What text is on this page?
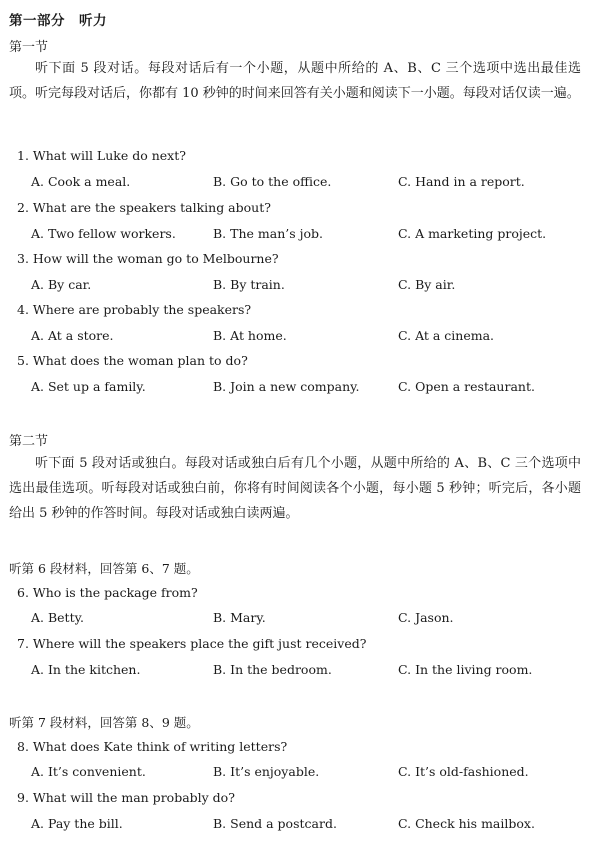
第一部分　听力
第一节

听下面 5 段对话。每段对话后有一个小题，从题中所给的 A、B、C 三个选项中选出最佳选项。听完每段对话后，你都有 10 秒钟的时间来回答有关小题和阅读下一小题。每段对话仅读一遍。

1. What will Luke do next?
A. Cook a meal.	B. Go to the office.	C. Hand in a report.
2. What are the speakers talking about?
A. Two fellow workers.	B. The man’s job.	C. A marketing project.
3. How will the woman go to Melbourne?
A. By car.	B. By train.	C. By air.
4. Where are probably the speakers?
A. At a store.	B. At home.	C. At a cinema.
5. What does the woman plan to do?
A. Set up a family.	B. Join a new company.	C. Open a restaurant.
第二节

听下面 5 段对话或独白。每段对话或独白后有几个小题，从题中所给的 A、B、C 三个选项中选出最佳选项。听每段对话或独白前，你将有时间阅读各个小题，每小题 5 秒钟；听完后，各小题给出 5 秒钟的作答时间。每段对话或独白读两遍。

听第 6 段材料，回答第 6、7 题。
6. Who is the package from?
A. Betty.	B. Mary.	C. Jason.
7. Where will the speakers place the gift just received?
A. In the kitchen.	B. In the bedroom.	C. In the living room.
听第 7 段材料，回答第 8、9 题。
8. What does Kate think of writing letters?
A. It’s convenient.	B. It’s enjoyable.	C. It’s old-fashioned.
9. What will the man probably do?
A. Pay the bill.	B. Send a postcard.	C. Check his mailbox.
